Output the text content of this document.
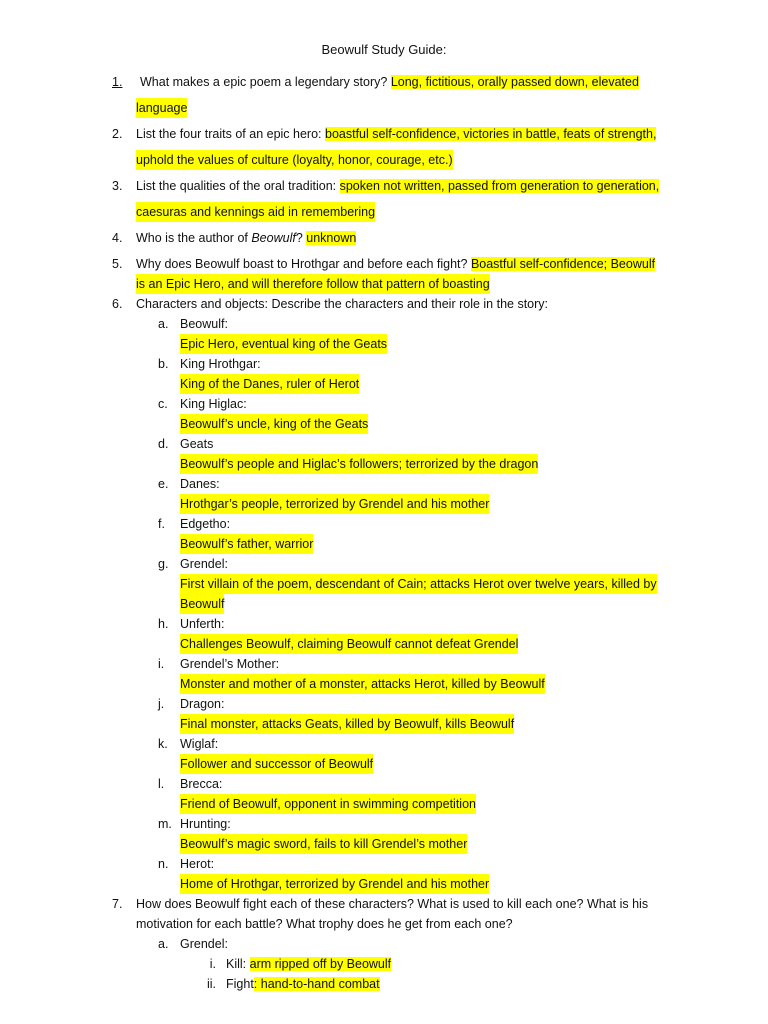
Beowulf Study Guide:
1. What makes a epic poem a legendary story? Long, fictitious, orally passed down, elevated
language
2. List the four traits of an epic hero: boastful self-confidence, victories in battle, feats of strength,
uphold the values of culture (loyalty, honor, courage, etc.)
3. List the qualities of the oral tradition: spoken not written, passed from generation to generation,
caesuras and kennings aid in remembering
4. Who is the author of Beowulf? unknown
5. Why does Beowulf boast to Hrothgar and before each fight? Boastful self-confidence; Beowulf
is an Epic Hero, and will therefore follow that pattern of boasting
6. Characters and objects: Describe the characters and their role in the story:
a. Beowulf:
Epic Hero, eventual king of the Geats
b. King Hrothgar:
King of the Danes, ruler of Herot
c. King Higlac:
Beowulf’s uncle, king of the Geats
d. Geats
Beowulf’s people and Higlac’s followers; terrorized by the dragon
e. Danes:
Hrothgar’s people, terrorized by Grendel and his mother
f. Edgetho:
Beowulf’s father, warrior
g. Grendel:
First villain of the poem, descendant of Cain; attacks Herot over twelve years, killed by
Beowulf
h. Unferth:
Challenges Beowulf, claiming Beowulf cannot defeat Grendel
i. Grendel’s Mother:
Monster and mother of a monster, attacks Herot, killed by Beowulf
j. Dragon:
Final monster, attacks Geats, killed by Beowulf, kills Beowulf
k. Wiglaf:
Follower and successor of Beowulf
l. Brecca:
Friend of Beowulf, opponent in swimming competition
m. Hrunting:
Beowulf’s magic sword, fails to kill Grendel’s mother
n. Herot:
Home of Hrothgar, terrorized by Grendel and his mother
7. How does Beowulf fight each of these characters? What is used to kill each one? What is his
motivation for each battle? What trophy does he get from each one?
a. Grendel:
i. Kill: arm ripped off by Beowulf
ii. Fight: hand-to-hand combat
